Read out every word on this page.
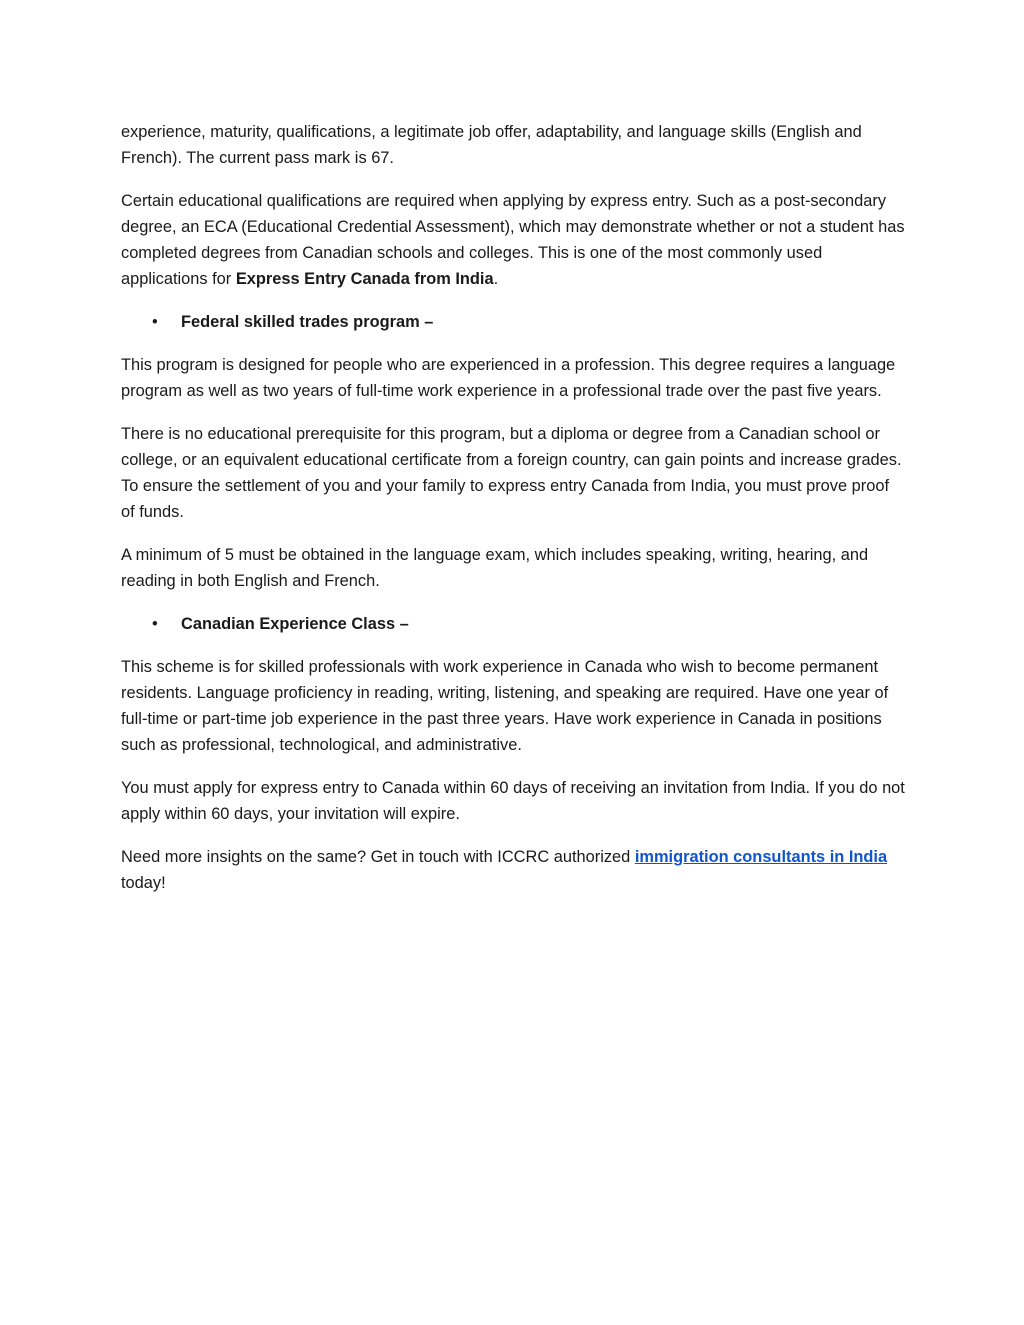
experience, maturity, qualifications, a legitimate job offer, adaptability, and language skills (English and French). The current pass mark is 67.

Certain educational qualifications are required when applying by express entry. Such as a post-secondary degree, an ECA (Educational Credential Assessment), which may demonstrate whether or not a student has completed degrees from Canadian schools and colleges. This is one of the most commonly used applications for Express Entry Canada from India.

• Federal skilled trades program –

This program is designed for people who are experienced in a profession. This degree requires a language program as well as two years of full-time work experience in a professional trade over the past five years.

There is no educational prerequisite for this program, but a diploma or degree from a Canadian school or college, or an equivalent educational certificate from a foreign country, can gain points and increase grades. To ensure the settlement of you and your family to express entry Canada from India, you must prove proof of funds.

A minimum of 5 must be obtained in the language exam, which includes speaking, writing, hearing, and reading in both English and French.

• Canadian Experience Class –

This scheme is for skilled professionals with work experience in Canada who wish to become permanent residents. Language proficiency in reading, writing, listening, and speaking are required. Have one year of full-time or part-time job experience in the past three years. Have work experience in Canada in positions such as professional, technological, and administrative.

You must apply for express entry to Canada within 60 days of receiving an invitation from India. If you do not apply within 60 days, your invitation will expire.

Need more insights on the same? Get in touch with ICCRC authorized immigration consultants in India today!
